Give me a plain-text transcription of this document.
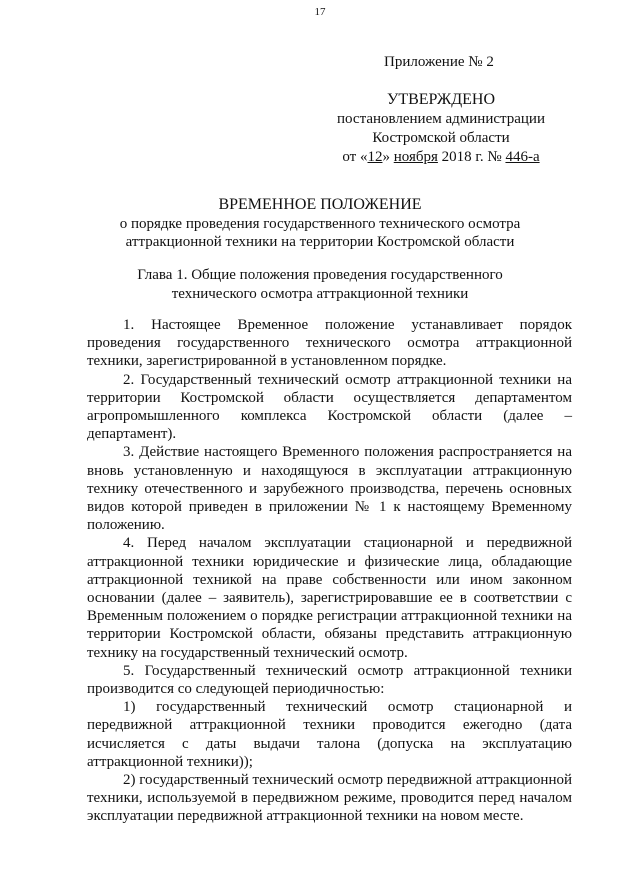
17
Приложение № 2
УТВЕРЖДЕНО
постановлением администрации
Костромской области
от «12» ноября 2018 г. № 446-а
ВРЕМЕННОЕ ПОЛОЖЕНИЕ
о порядке проведения государственного технического осмотра
аттракционной техники на территории Костромской области
Глава 1. Общие положения проведения государственного
технического осмотра аттракционной техники

1. Настоящее Временное положение устанавливает порядок проведения государственного технического осмотра аттракционной техники, зарегистрированной в установленном порядке.

2. Государственный технический осмотр аттракционной техники на территории Костромской области осуществляется департаментом агропромышленного комплекса Костромской области (далее – департамент).

3. Действие настоящего Временного положения распространяется на вновь установленную и находящуюся в эксплуатации аттракционную технику отечественного и зарубежного производства, перечень основных видов которой приведен в приложении № 1 к настоящему Временному положению.

4. Перед началом эксплуатации стационарной и передвижной аттракционной техники юридические и физические лица, обладающие аттракционной техникой на праве собственности или ином законном основании (далее – заявитель), зарегистрировавшие ее в соответствии с Временным положением о порядке регистрации аттракционной техники на территории Костромской области, обязаны представить аттракционную технику на государственный технический осмотр.

5. Государственный технический осмотр аттракционной техники производится со следующей периодичностью:

1) государственный технический осмотр стационарной и передвижной аттракционной техники проводится ежегодно (дата исчисляется с даты выдачи талона (допуска на эксплуатацию аттракционной техники));

2) государственный технический осмотр передвижной аттракционной техники, используемой в передвижном режиме, проводится перед началом эксплуатации передвижной аттракционной техники на новом месте.
